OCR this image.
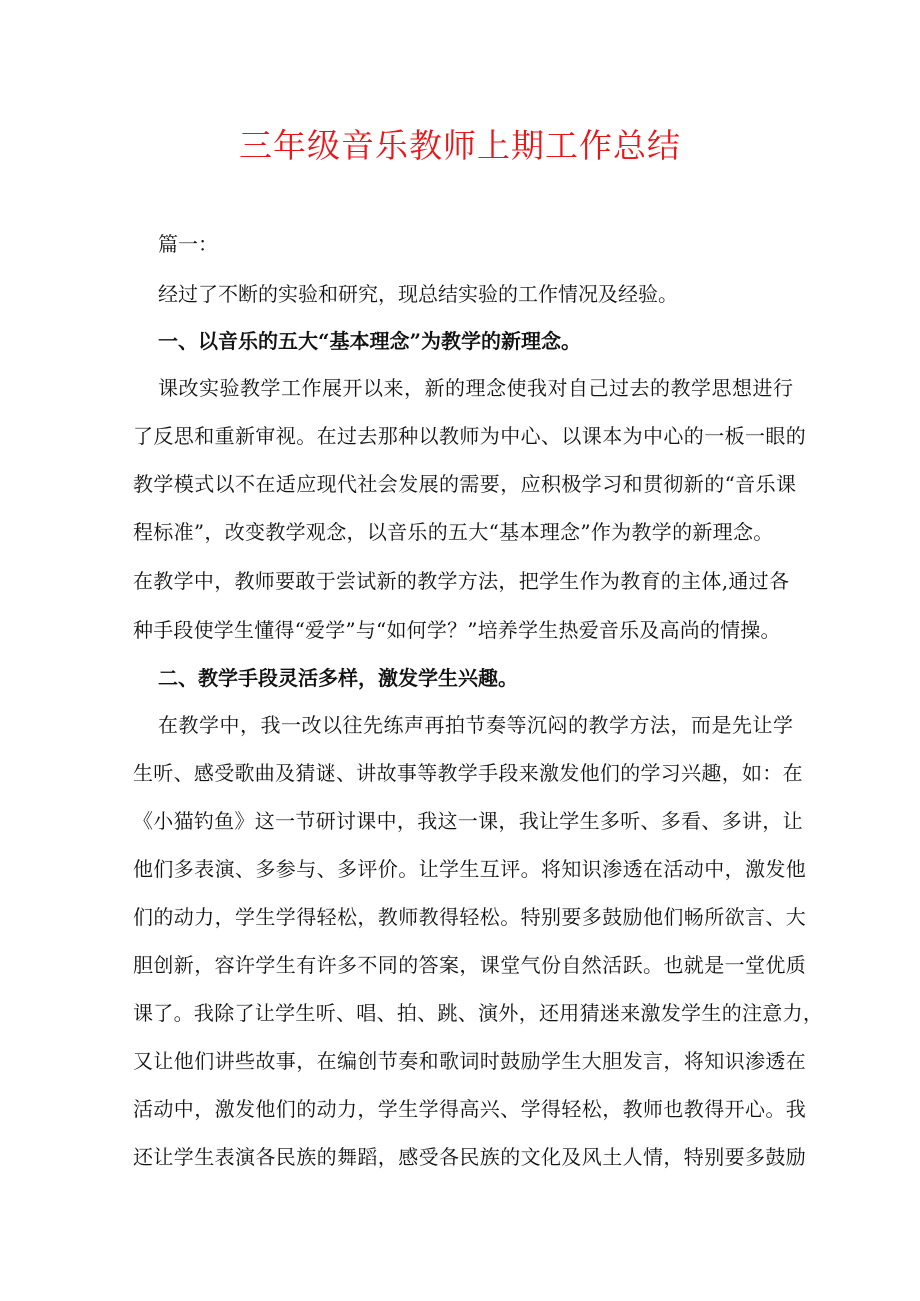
三年级音乐教师上期工作总结

篇一：

经过了不断的实验和研究，现总结实验的工作情况及经验。

一、以音乐的五大“基本理念”为教学的新理念。

课改实验教学工作展开以来，新的理念使我对自己过去的教学思想进行

了反思和重新审视。在过去那种以教师为中心、以课本为中心的一板一眼的

教学模式以不在适应现代社会发展的需要，应积极学习和贯彻新的“音乐课

程标准”，改变教学观念，以音乐的五大“基本理念”作为教学的新理念。

在教学中，教师要敢于尝试新的教学方法，把学生作为教育的主体,通过各

种手段使学生懂得“爱学”与“如何学？”培养学生热爱音乐及高尚的情操。

二、教学手段灵活多样，激发学生兴趣。

在教学中，我一改以往先练声再拍节奏等沉闷的教学方法，而是先让学

生听、感受歌曲及猜谜、讲故事等教学手段来激发他们的学习兴趣，如：在

《小猫钓鱼》这一节研讨课中，我这一课，我让学生多听、多看、多讲，让

他们多表演、多参与、多评价。让学生互评。将知识渗透在活动中，激发他

们的动力，学生学得轻松，教师教得轻松。特别要多鼓励他们畅所欲言、大

胆创新，容许学生有许多不同的答案，课堂气份自然活跃。也就是一堂优质

课了。我除了让学生听、唱、拍、跳、演外，还用猜迷来激发学生的注意力，

又让他们讲些故事，在编创节奏和歌词时鼓励学生大胆发言，将知识渗透在

活动中，激发他们的动力，学生学得高兴、学得轻松，教师也教得开心。我

还让学生表演各民族的舞蹈，感受各民族的文化及风土人情，特别要多鼓励
